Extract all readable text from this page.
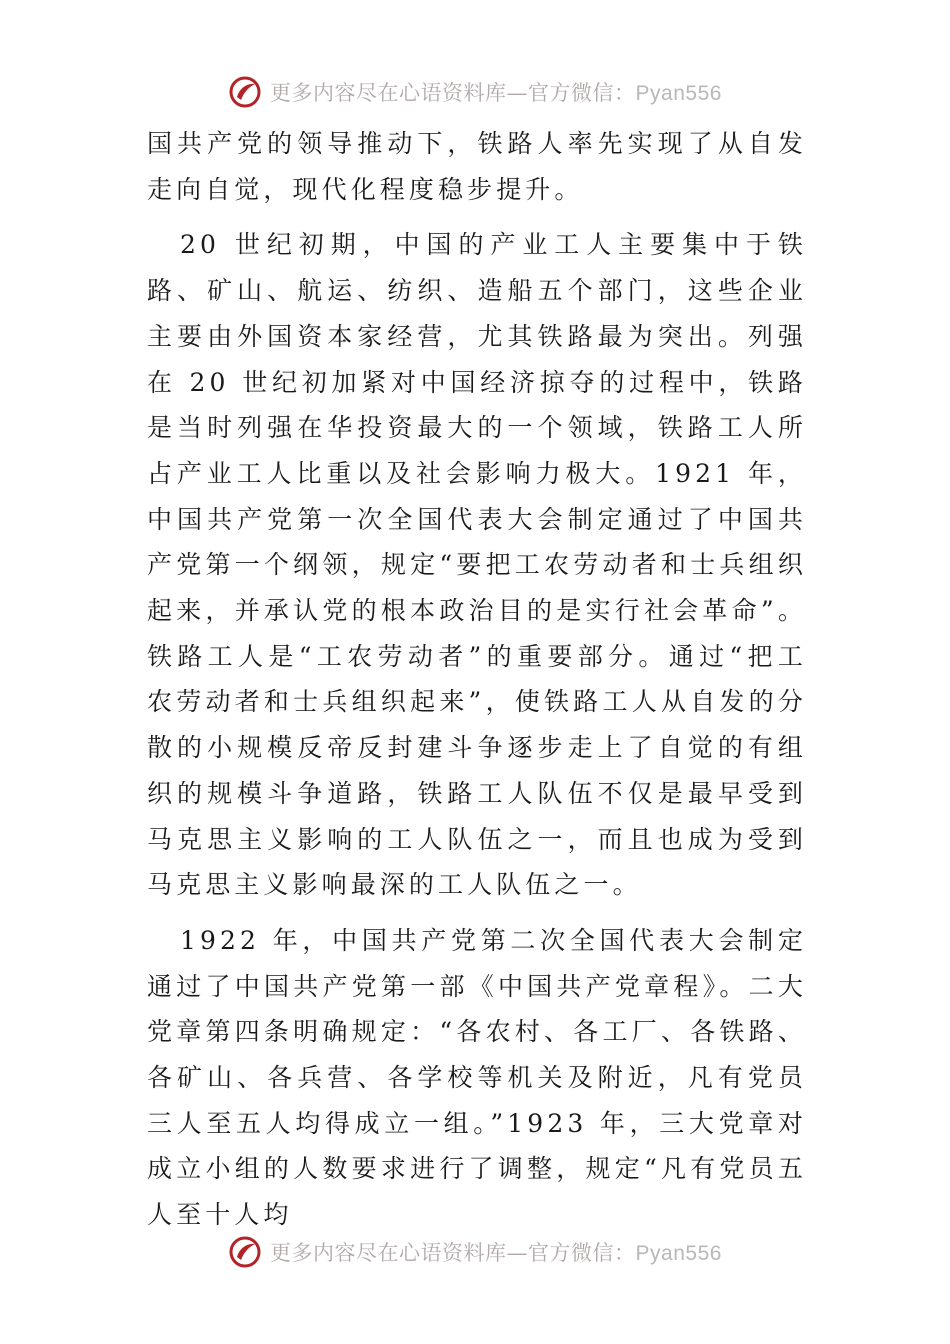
更多内容尽在心语资料库—官方微信：Pyan556

国共产党的领导推动下，铁路人率先实现了从自发走向自觉，现代化程度稳步提升。

20 世纪初期，中国的产业工人主要集中于铁路、矿山、航运、纺织、造船五个部门，这些企业主要由外国资本家经营，尤其铁路最为突出。列强在 20 世纪初加紧对中国经济掠夺的过程中，铁路是当时列强在华投资最大的一个领域，铁路工人所占产业工人比重以及社会影响力极大。1921 年，中国共产党第一次全国代表大会制定通过了中国共产党第一个纲领，规定“要把工农劳动者和士兵组织起来，并承认党的根本政治目的是实行社会革命”。铁路工人是“工农劳动者”的重要部分。通过“把工农劳动者和士兵组织起来”，使铁路工人从自发的分散的小规模反帝反封建斗争逐步走上了自觉的有组织的规模斗争道路，铁路工人队伍不仅是最早受到马克思主义影响的工人队伍之一，而且也成为受到马克思主义影响最深的工人队伍之一。

1922 年，中国共产党第二次全国代表大会制定通过了中国共产党第一部《中国共产党章程》。二大党章第四条明确规定：“各农村、各工厂、各铁路、各矿山、各兵营、各学校等机关及附近，凡有党员三人至五人均得成立一组。”1923 年，三大党章对成立小组的人数要求进行了调整，规定“凡有党员五人至十人均

更多内容尽在心语资料库—官方微信：Pyan556
